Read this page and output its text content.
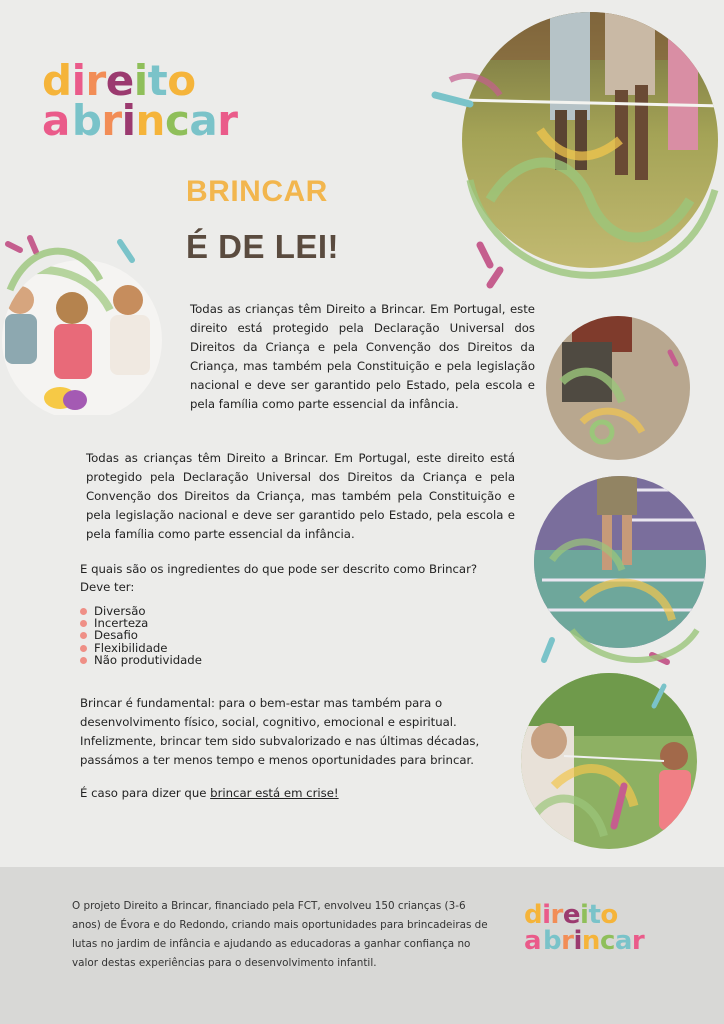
direito
abrincar
BRINCAR
É DE LEI!
Todas as crianças têm Direito a Brincar. Em Portugal, este direito está protegido pela Declaração Universal dos Direitos da Criança e pela Convenção dos Direitos da Criança, mas também pela Constituição e pela legislação nacional e deve ser garantido pelo Estado, pela escola e pela família como parte essencial da infância.
Todas as crianças têm Direito a Brincar. Em Portugal, este direito está protegido pela Declaração Universal dos Direitos da Criança e pela Convenção dos Direitos da Criança, mas também pela Constituição e pela legislação nacional e deve ser garantido pelo Estado, pela escola e pela família como parte essencial da infância.
E quais são os ingredientes do que pode ser descrito como Brincar? Deve ter:
Diversão
Incerteza
Desafio
Flexibilidade
Não produtividade
Brincar é fundamental: para o bem-estar mas também para o desenvolvimento físico, social, cognitivo, emocional e espiritual. Infelizmente, brincar tem sido subvalorizado e nas últimas décadas, passámos a ter menos tempo e menos oportunidades para brincar.
É caso para dizer que brincar está em crise!
O projeto Direito a Brincar, financiado pela FCT, envolveu 150 crianças (3-6 anos) de Évora e do Redondo, criando mais oportunidades para brincadeiras de lutas no jardim de infância e ajudando as educadoras a ganhar confiança no valor destas experiências para o desenvolvimento infantil.
direito
abrincar
